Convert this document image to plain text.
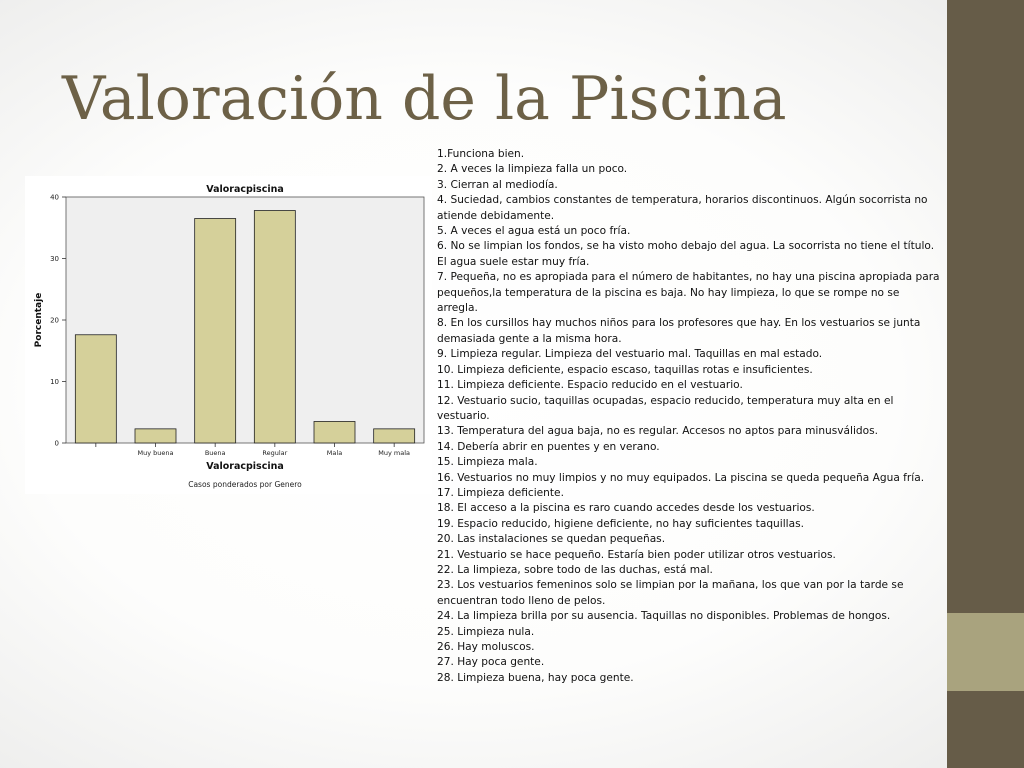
Valoración de la Piscina
0
10
20
30
40
Muy buena	Buena	Regular	Mala	Muy mala
Valoracpiscina
Valoracpiscina
Casos ponderados por Genero
Porcentaje
1.Funciona bien.
2. A veces la limpieza falla un poco.
3. Cierran al mediodía.
4. Suciedad, cambios constantes de temperatura, horarios discontinuos. Algún socorrista no atiende debidamente.
5. A veces el agua está un poco fría.
6. No se limpian los fondos, se ha visto moho debajo del agua. La socorrista no tiene el título. El agua suele estar muy fría.
7. Pequeña, no es apropiada para el número de habitantes, no hay una piscina apropiada para pequeños,la temperatura de la piscina es baja. No hay limpieza, lo que se rompe no se arregla.
8. En los cursillos hay muchos niños para los profesores que hay. En los vestuarios se junta demasiada gente a la misma hora.
9. Limpieza regular. Limpieza del vestuario mal. Taquillas en mal estado.
10. Limpieza deficiente, espacio escaso, taquillas rotas e insuficientes.
11. Limpieza deficiente. Espacio reducido en el vestuario.
12. Vestuario sucio, taquillas ocupadas, espacio reducido, temperatura muy alta en el vestuario.
13. Temperatura del agua baja, no es regular. Accesos no aptos para minusválidos.
14. Debería abrir en puentes y en verano.
15. Limpieza mala.
16. Vestuarios no muy limpios y no muy equipados. La piscina se queda pequeña Agua fría.
17. Limpieza deficiente.
18. El acceso a la piscina es raro cuando accedes desde los vestuarios.
19. Espacio reducido, higiene deficiente, no hay suficientes taquillas.
20. Las instalaciones se quedan pequeñas.
21. Vestuario se hace pequeño. Estaría bien poder utilizar otros vestuarios.
22. La limpieza, sobre todo de las duchas, está mal.
23. Los vestuarios femeninos solo se limpian por la mañana, los que van por la tarde se encuentran todo lleno de pelos.
24. La limpieza brilla por su ausencia. Taquillas no disponibles. Problemas de hongos.
25. Limpieza nula.
26. Hay moluscos.
27. Hay poca gente.
28. Limpieza buena, hay poca gente.
